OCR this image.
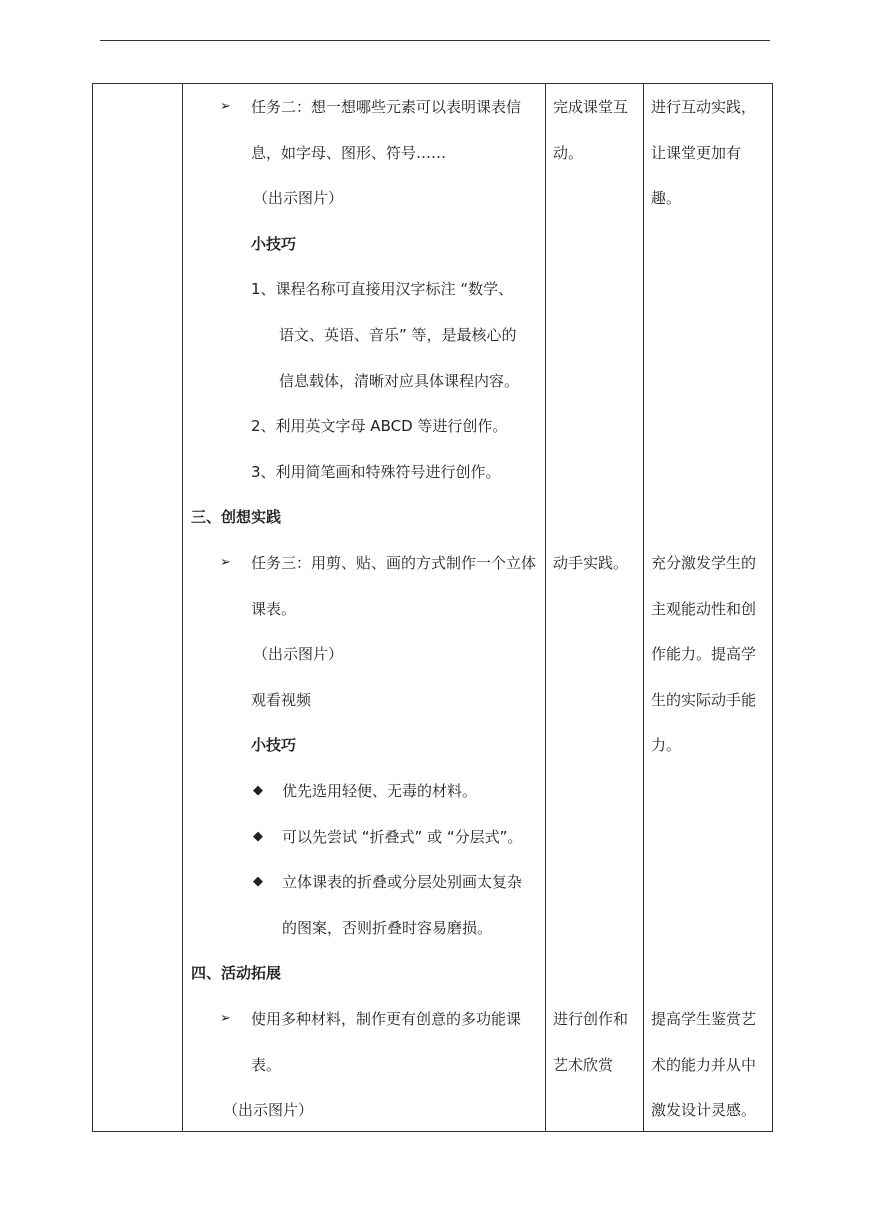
➢ 任务二：想一想哪些元素可以表明课表信
息，如字母、图形、符号……
（出示图片）
小技巧
1、课程名称可直接用汉字标注 “数学、
语文、英语、音乐” 等，是最核心的
信息载体，清晰对应具体课程内容。
2、利用英文字母 ABCD 等进行创作。
3、利用简笔画和特殊符号进行创作。
三、创想实践
➢ 任务三：用剪、贴、画的方式制作一个立体
课表。
（出示图片）
观看视频
小技巧
◆ 优先选用轻便、无毒的材料。
◆ 可以先尝试 “折叠式” 或 “分层式”。
◆ 立体课表的折叠或分层处别画太复杂
的图案，否则折叠时容易磨损。
四、活动拓展
➢ 使用多种材料，制作更有创意的多功能课
表。
（出示图片）
完成课堂互
动。
动手实践。
进行创作和
艺术欣赏
进行互动实践，
让课堂更加有
趣。
充分激发学生的
主观能动性和创
作能力。提高学
生的实际动手能
力。
提高学生鉴赏艺
术的能力并从中
激发设计灵感。
